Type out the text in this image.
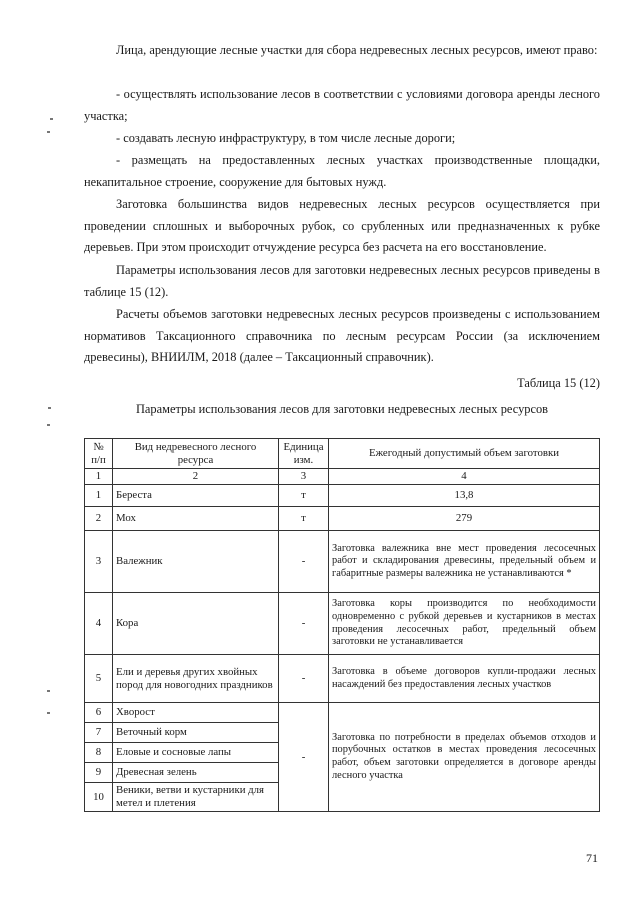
Лица, арендующие лесные участки для сбора недревесных лесных ресурсов, имеют право:

- осуществлять использование лесов в соответствии с условиями договора аренды лесного участка;

- создавать лесную инфраструктуру, в том числе лесные дороги;

- размещать на предоставленных лесных участках производственные площадки, некапитальное строение, сооружение для бытовых нужд.

Заготовка большинства видов недревесных лесных ресурсов осуществляется при проведении сплошных и выборочных рубок, со срубленных или предназначенных к рубке деревьев. При этом происходит отчуждение ресурса без расчета на его восстановление.

Параметры использования лесов для заготовки недревесных лесных ресурсов приведены в таблице 15 (12).

Расчеты объемов заготовки недревесных лесных ресурсов произведены с использованием нормативов Таксационного справочника по лесным ресурсам России (за исключением древесины), ВНИИЛМ, 2018 (далее – Таксационный справочник).

Таблица 15 (12)
Параметры использования лесов для заготовки недревесных лесных ресурсов
№ п/п	Вид недревесного лесного ресурса	Единица изм.	Ежегодный допустимый объем заготовки
1	2	3	4
1	Береста	т	13,8
2	Мох	т	279
3	Валежник	-	Заготовка валежника вне мест проведения лесосечных работ и складирования древесины, предельный объем и габаритные размеры валежника не устанавливаются *
4	Кора	-	Заготовка коры производится по необходимости одновременно с рубкой деревьев и кустарников в местах проведения лесосечных работ, предельный объем заготовки не устанавливается
5	Ели и деревья других хвойных пород для новогодних праздников	-	Заготовка в объеме договоров купли-продажи лесных насаждений без предоставления лесных участков
6	Хворост	-	Заготовка по потребности в пределах объемов отходов и порубочных остатков в местах проведения лесосечных работ, объем заготовки определяется в договоре аренды лесного участка
7	Веточный корм		
8	Еловые и сосновые лапы		
9	Древесная зелень		
10	Веники, ветви и кустарники для метел и плетения		
71
